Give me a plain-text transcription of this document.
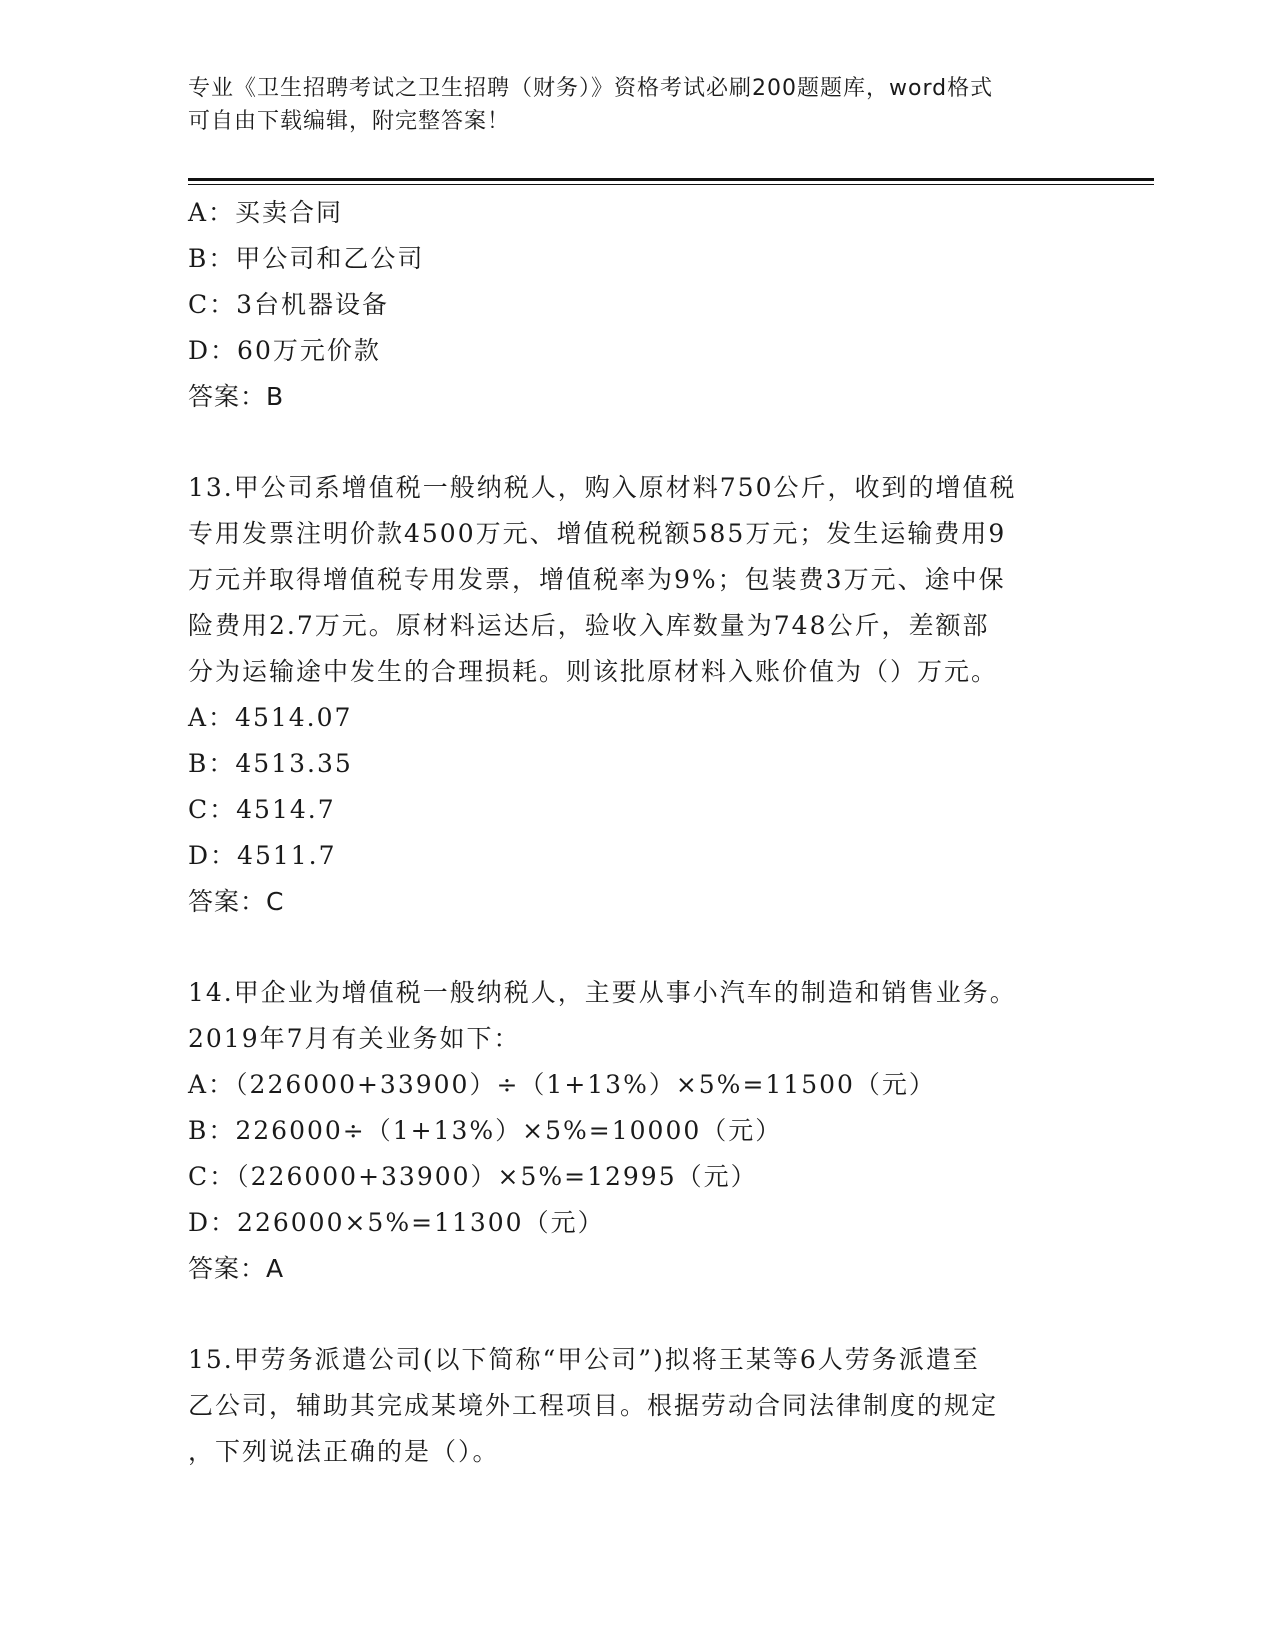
专业《卫生招聘考试之卫生招聘（财务）》资格考试必刷200题题库，word格式
可自由下载编辑，附完整答案！
A：买卖合同
B：甲公司和乙公司
C：3台机器设备
D：60万元价款
答案：B
13.甲公司系增值税一般纳税人，购入原材料750公斤，收到的增值税
专用发票注明价款4500万元、增值税税额585万元；发生运输费用9
万元并取得增值税专用发票，增值税率为9%；包装费3万元、途中保
险费用2.7万元。原材料运达后，验收入库数量为748公斤，差额部
分为运输途中发生的合理损耗。则该批原材料入账价值为（）万元。
A：4514.07
B：4513.35
C：4514.7
D：4511.7
答案：C
14.甲企业为增值税一般纳税人，主要从事小汽车的制造和销售业务。
2019年7月有关业务如下：
A：（226000+33900）÷（1+13%）×5%=11500（元）
B：226000÷（1+13%）×5%=10000（元）
C：（226000+33900）×5%=12995（元）
D：226000×5%=11300（元）
答案：A
15.甲劳务派遣公司(以下简称“甲公司”)拟将王某等6人劳务派遣至
乙公司，辅助其完成某境外工程项目。根据劳动合同法律制度的规定
，下列说法正确的是（）。
